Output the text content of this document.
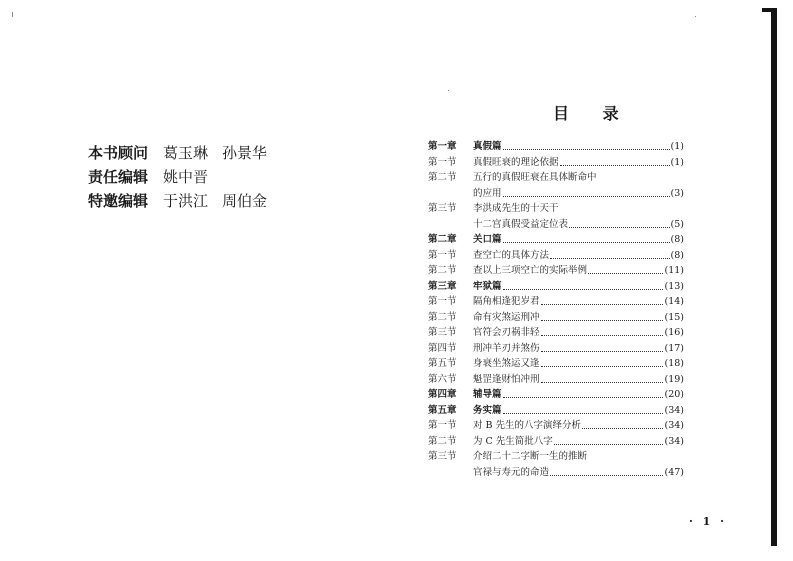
本书顾问 葛玉琳 孙景华
责任编辑 姚中晋
特邀编辑 于洪江 周伯金
目 录
第一章 真假篇	(1)
第一节 真假旺衰的理论依据	(1)
第二节 五行的真假旺衰在具体断命中
的应用	(3)
第三节 李洪成先生的十天干
十二宫真假受益定位表	(5)
第二章 关口篇	(8)
第一节 查空亡的具体方法	(8)
第二节 查以上三项空亡的实际举例	(11)
第三章 牢狱篇	(13)
第一节 隔角相逢犯岁君	(14)
第二节 命有灾煞运刑冲	(15)
第三节 官符会刃祸非轻	(16)
第四节 刑冲羊刃并煞伤	(17)
第五节 身衰坐煞运又逢	(18)
第六节 魁罡逢财怕冲刑	(19)
第四章 辅导篇	(20)
第五章 务实篇	(34)
第一节 对 B 先生的八字演绎分析	(34)
第二节 为 C 先生简批八字	(34)
第三节 介绍二十二字断一生的推断
官禄与寿元的命造	(47)
· 1 ·
